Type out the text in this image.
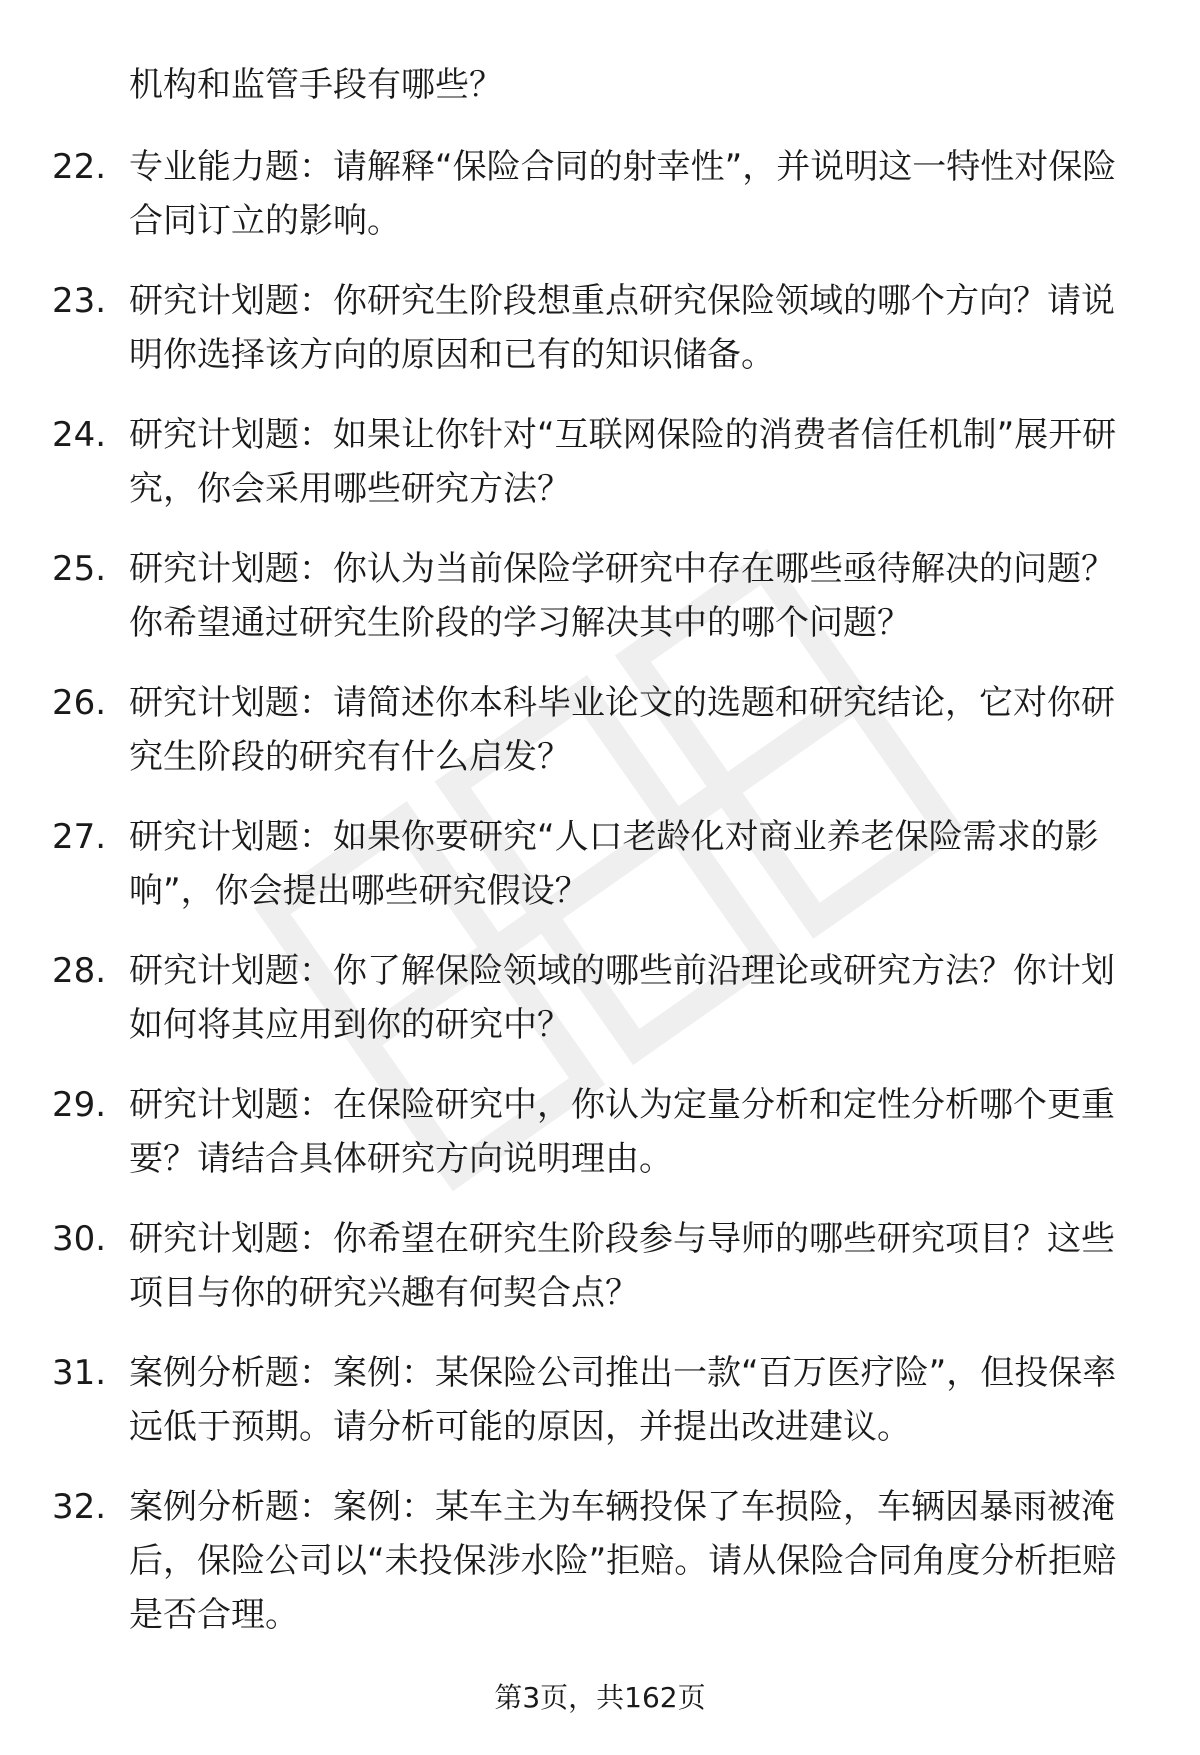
机构和监管手段有哪些？
22. 专业能力题：请解释“保险合同的射幸性”，并说明这一特性对保险合同订立的影响。
23. 研究计划题：你研究生阶段想重点研究保险领域的哪个方向？请说明你选择该方向的原因和已有的知识储备。
24. 研究计划题：如果让你针对“互联网保险的消费者信任机制”展开研究，你会采用哪些研究方法？
25. 研究计划题：你认为当前保险学研究中存在哪些亟待解决的问题？你希望通过研究生阶段的学习解决其中的哪个问题？
26. 研究计划题：请简述你本科毕业论文的选题和研究结论，它对你研究生阶段的研究有什么启发？
27. 研究计划题：如果你要研究“人口老龄化对商业养老保险需求的影响”，你会提出哪些研究假设？
28. 研究计划题：你了解保险领域的哪些前沿理论或研究方法？你计划如何将其应用到你的研究中？
29. 研究计划题：在保险研究中，你认为定量分析和定性分析哪个更重要？请结合具体研究方向说明理由。
30. 研究计划题：你希望在研究生阶段参与导师的哪些研究项目？这些项目与你的研究兴趣有何契合点？
31. 案例分析题：案例：某保险公司推出一款“百万医疗险”，但投保率远低于预期。请分析可能的原因，并提出改进建议。
32. 案例分析题：案例：某车主为车辆投保了车损险，车辆因暴雨被淹后，保险公司以“未投保涉水险”拒赔。请从保险合同角度分析拒赔是否合理。
第3页，共162页
